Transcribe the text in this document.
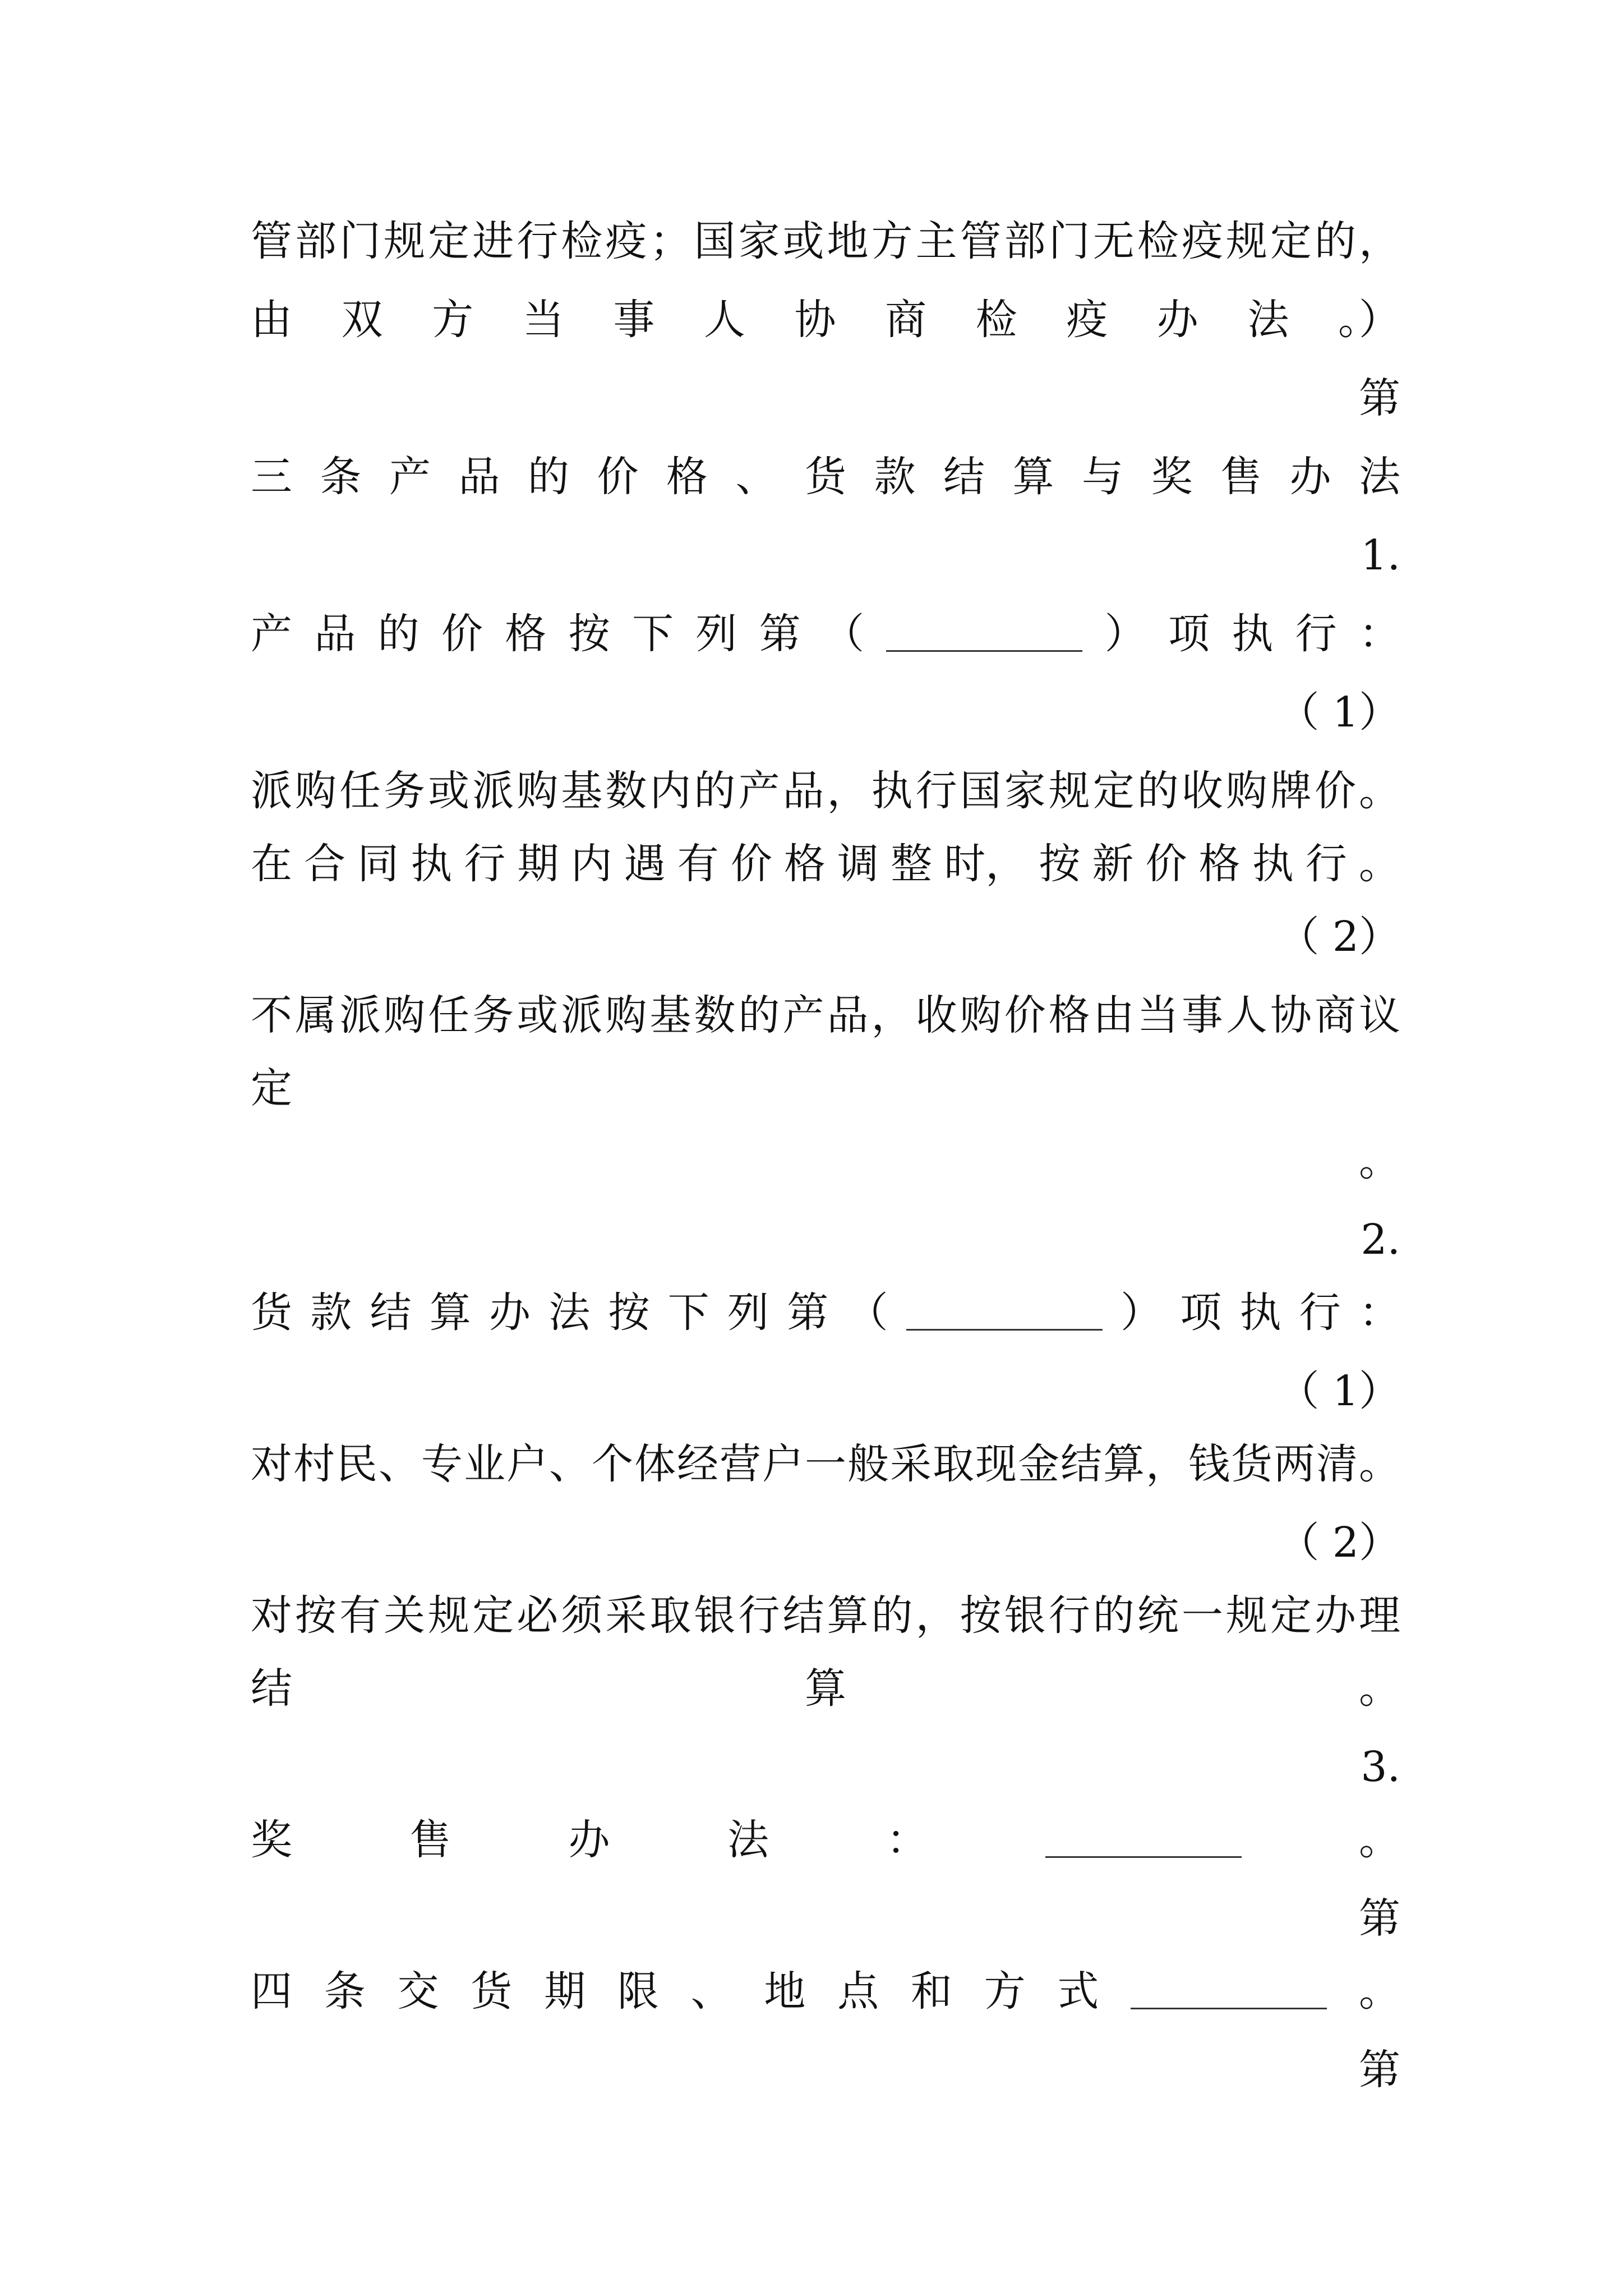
管部门规定进行检疫；国家或地方主管部门无检疫规定的，
由 双 方 当 事 人 协 商 检 疫 办 法 。）
第
三 条 产 品 的 价 格 、 货 款 结 算 与 奖 售 办 法
1.
产 品 的 价 格 按 下 列 第 （	） 项 执 行 ：
（ 1）
派购任务或派购基数内的产品，执行国家规定的收购牌价。
在 合 同 执 行 期 内 遇 有 价 格 调 整 时， 按 新 价 格 执 行 。
（ 2）
不属派购任务或派购基数的产品，收购价格由当事人协商议
定
。
2.
货 款 结 算 办 法 按 下 列 第 （	） 项 执 行 ：
（ 1）
对村民、专业户、个体经营户一般采取现金结算，钱货两清。
（ 2）
对按有关规定必须采取银行结算的，按银行的统一规定办理
结	算	。
3.
奖	售	办	法	：	。
第
四 条 交 货 期 限 、 地 点 和 方 式	。
第
